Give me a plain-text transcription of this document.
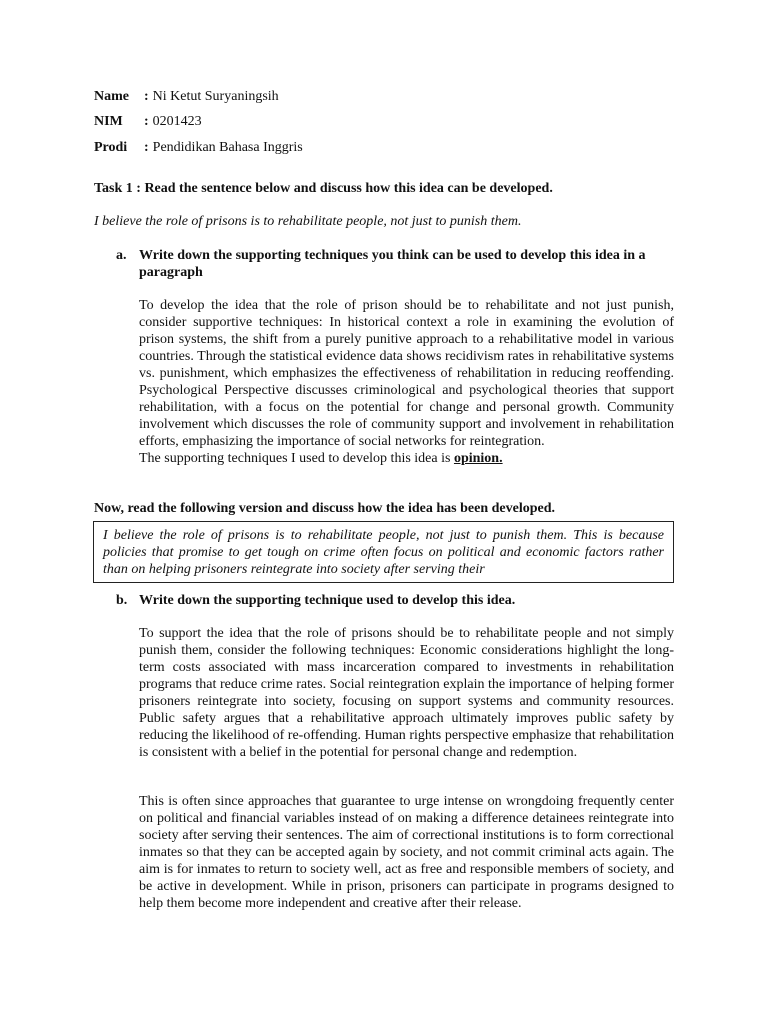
Name : Ni Ketut Suryaningsih
NIM : 0201423
Prodi : Pendidikan Bahasa Inggris
Task 1 : Read the sentence below and discuss how this idea can be developed.
I believe the role of prisons is to rehabilitate people, not just to punish them.
a. Write down the supporting techniques you think can be used to develop this idea in a paragraph

To develop the idea that the role of prison should be to rehabilitate and not just punish, consider supportive techniques: In historical context a role in examining the evolution of prison systems, the shift from a purely punitive approach to a rehabilitative model in various countries. Through the statistical evidence data shows recidivism rates in rehabilitative systems vs. punishment, which emphasizes the effectiveness of rehabilitation in reducing reoffending. Psychological Perspective discusses criminological and psychological theories that support rehabilitation, with a focus on the potential for change and personal growth. Community involvement which discusses the role of community support and involvement in rehabilitation efforts, emphasizing the importance of social networks for reintegration.

The supporting techniques I used to develop this idea is opinion.

Now, read the following version and discuss how the idea has been developed.
I believe the role of prisons is to rehabilitate people, not just to punish them. This is because policies that promise to get tough on crime often focus on political and economic factors rather than on helping prisoners reintegrate into society after serving their
b. Write down the supporting technique used to develop this idea.

To support the idea that the role of prisons should be to rehabilitate people and not simply punish them, consider the following techniques: Economic considerations highlight the long-term costs associated with mass incarceration compared to investments in rehabilitation programs that reduce crime rates. Social reintegration explain the importance of helping former prisoners reintegrate into society, focusing on support systems and community resources. Public safety argues that a rehabilitative approach ultimately improves public safety by reducing the likelihood of re-offending. Human rights perspective emphasize that rehabilitation is consistent with a belief in the potential for personal change and redemption.

This is often since approaches that guarantee to urge intense on wrongdoing frequently center on political and financial variables instead of on making a difference detainees reintegrate into society after serving their sentences. The aim of correctional institutions is to form correctional inmates so that they can be accepted again by society, and not commit criminal acts again. The aim is for inmates to return to society well, act as free and responsible members of society, and be active in development. While in prison, prisoners can participate in programs designed to help them become more independent and creative after their release.
